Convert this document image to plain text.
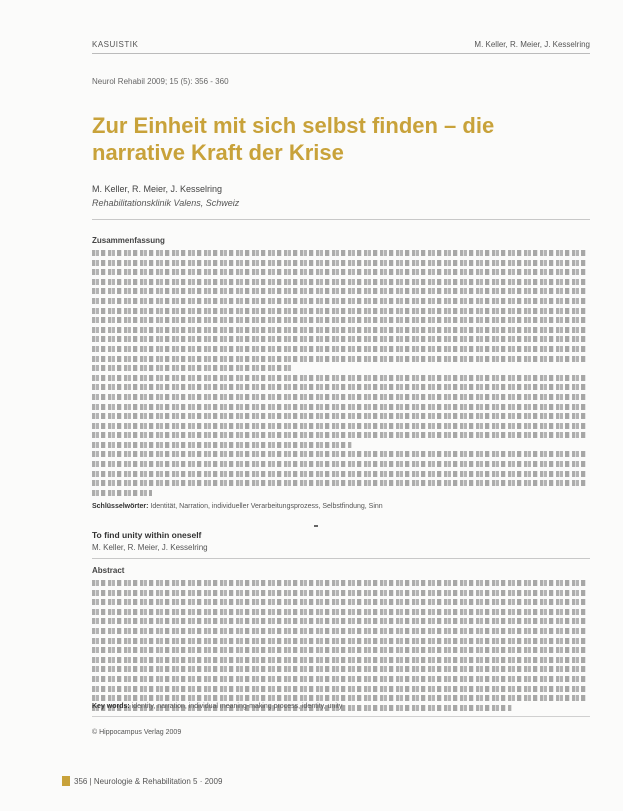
KASUISTIK	M. Keller, R. Meier, J. Kesselring
Neurol Rehabil 2009; 15 (5): 356 - 360
Zur Einheit mit sich selbst finden – die narrative Kraft der Krise
M. Keller, R. Meier, J. Kesselring
Rehabilitationsklinik Valens, Schweiz
Zusammenfassung
Schlüsselwörter: Identität, Narration, individueller Verarbeitungsprozess, Selbstfindung, Sinn
To find unity within oneself
M. Keller, R. Meier, J. Kesselring
Abstract
Key words: identity, narration, individual meaning-making process, identity, unity
© Hippocampus Verlag 2009
356 | Neurologie & Rehabilitation 5 · 2009
